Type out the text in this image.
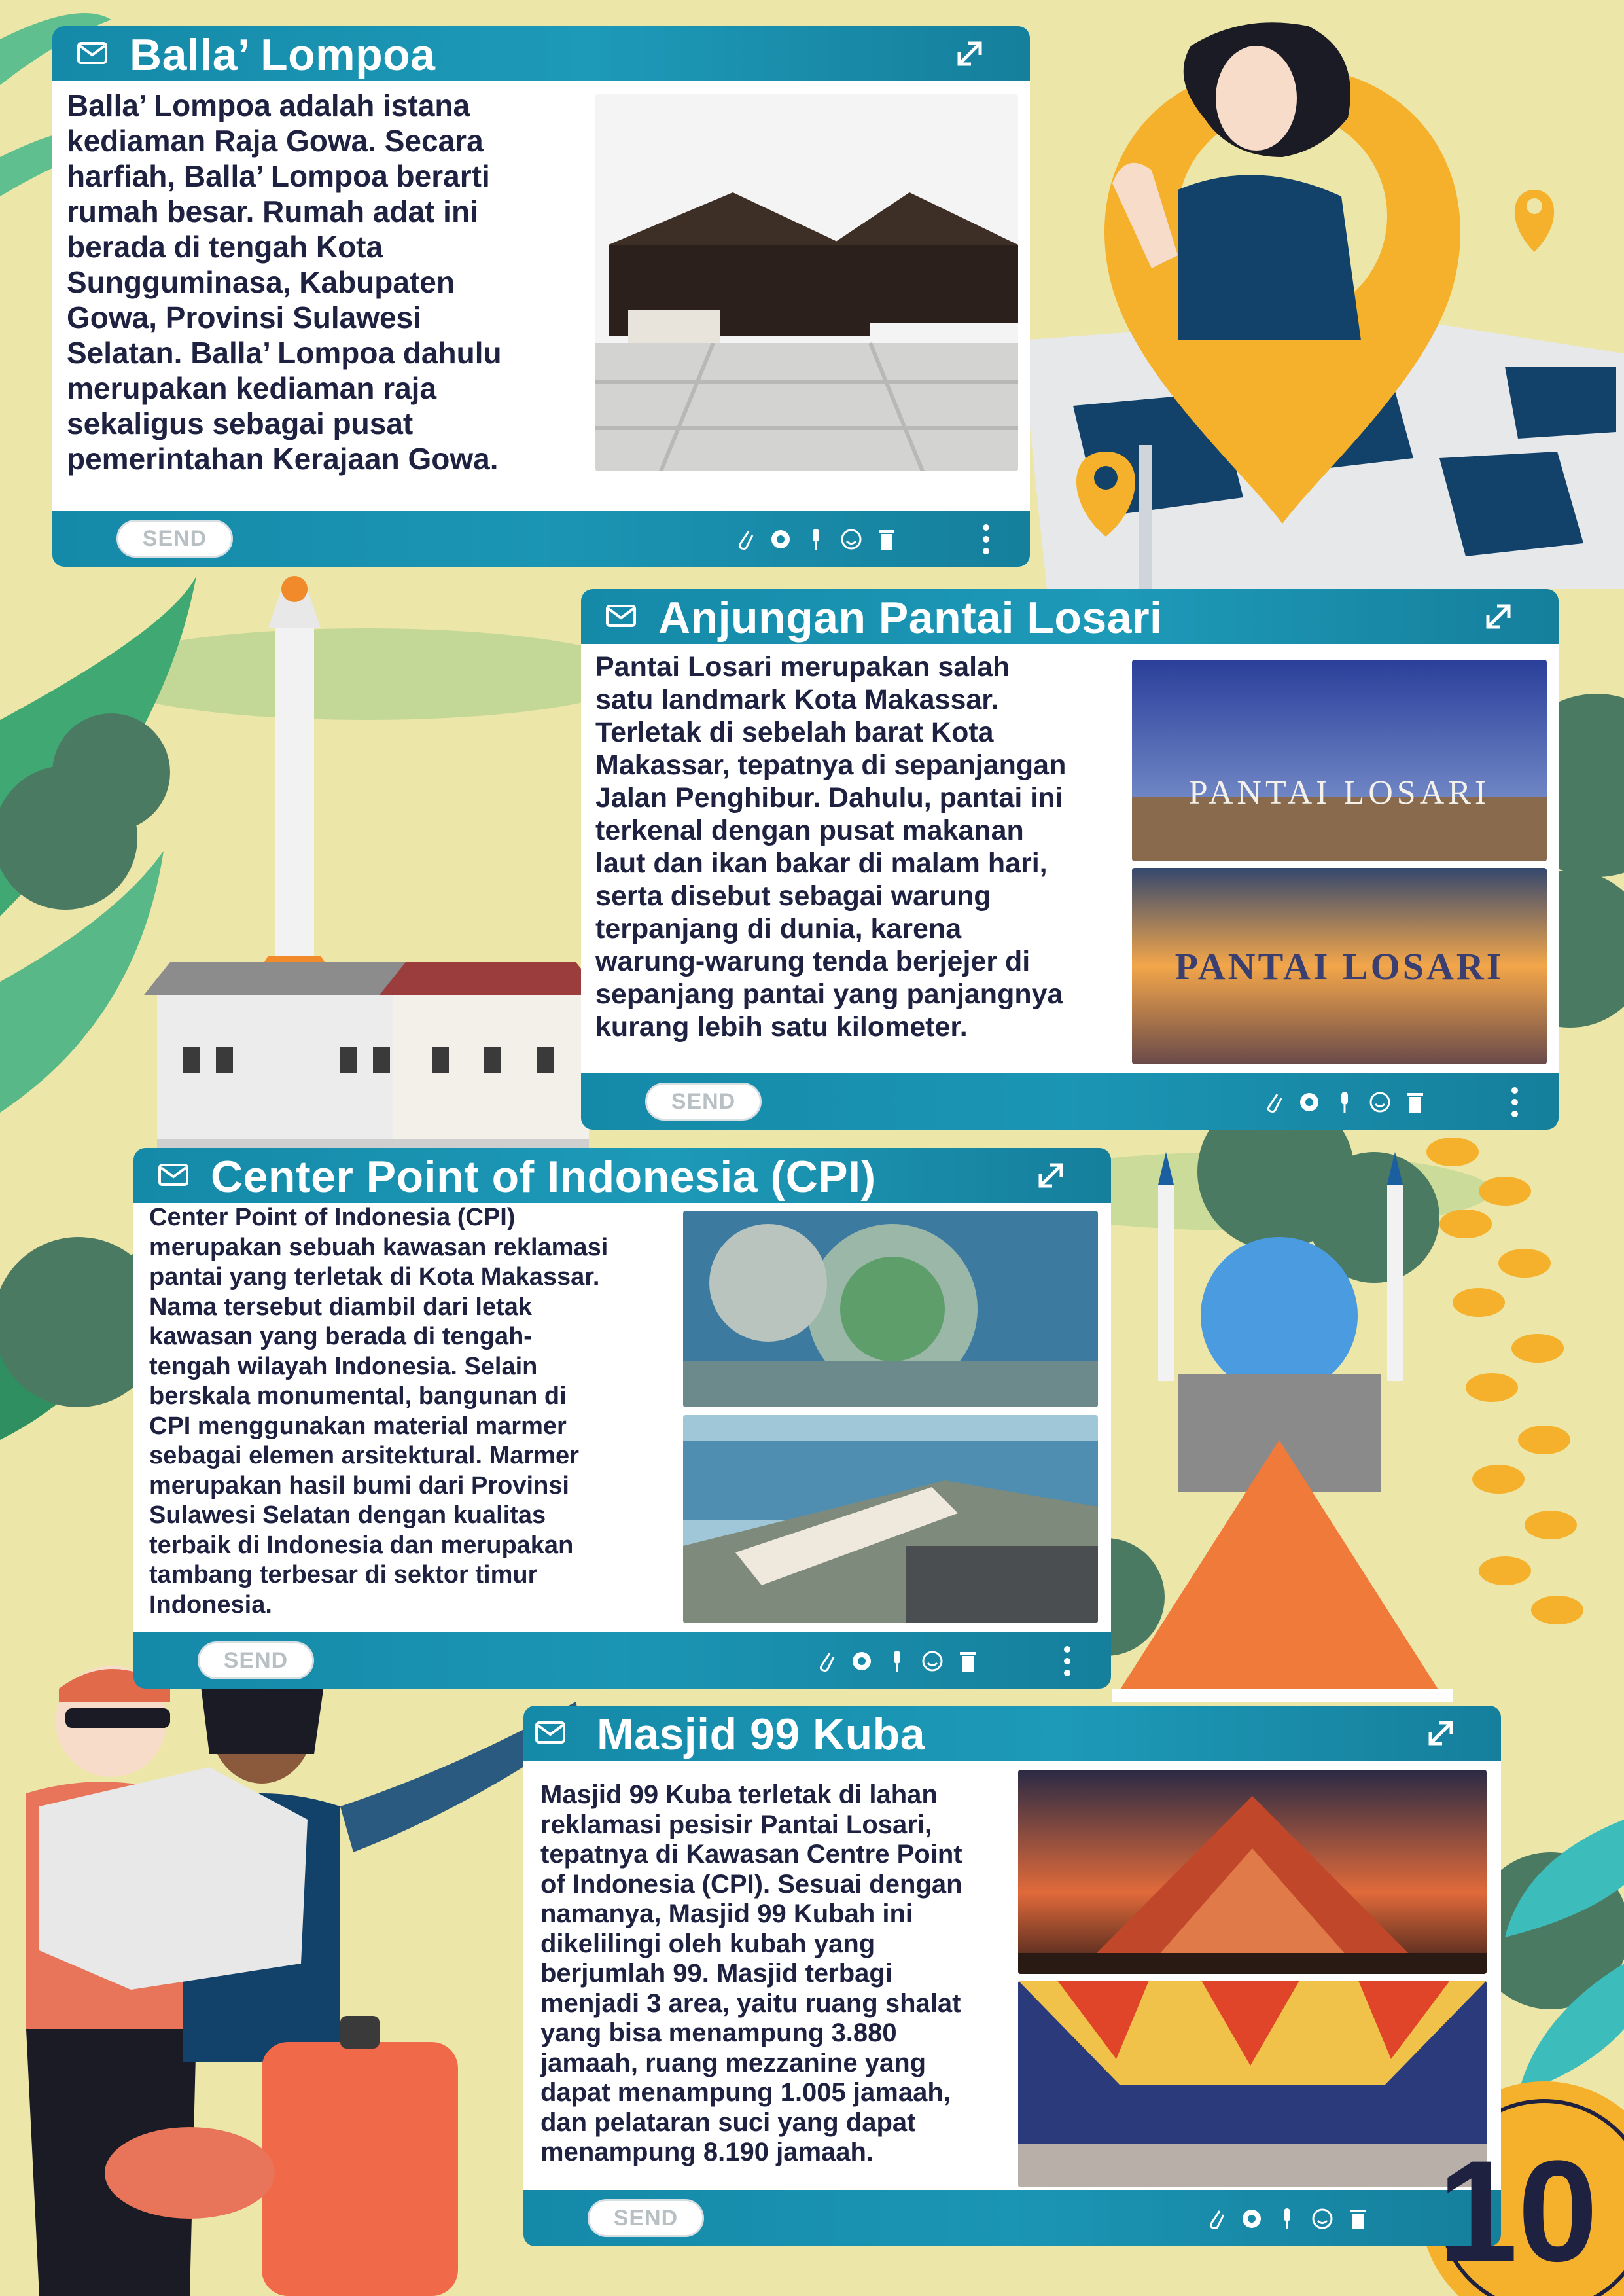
Balla’ Lompoa

Balla’ Lompoa adalah istana
kediaman Raja Gowa. Secara
harfiah, Balla’ Lompoa berarti
rumah besar. Rumah adat ini
berada di tengah Kota
Sungguminasa, Kabupaten
Gowa, Provinsi Sulawesi
Selatan. Balla’ Lompoa dahulu
merupakan kediaman raja
sekaligus sebagai pusat
pemerintahan Kerajaan Gowa.

SEND
Anjungan Pantai Losari

Pantai Losari merupakan salah
satu landmark Kota Makassar.
Terletak di sebelah barat Kota
Makassar, tepatnya di sepanjangan
Jalan Penghibur. Dahulu, pantai ini
terkenal dengan pusat makanan
laut dan ikan bakar di malam hari,
serta disebut sebagai warung
terpanjang di dunia, karena
warung-warung tenda berjejer di
sepanjang pantai yang panjangnya
kurang lebih satu kilometer.

PANTAI LOSARI
PANTAI LOSARI
SEND
Center Point of Indonesia (CPI)

Center Point of Indonesia (CPI)
merupakan sebuah kawasan reklamasi
pantai yang terletak di Kota Makassar.
Nama tersebut diambil dari letak
kawasan yang berada di tengah-
tengah wilayah Indonesia. Selain
berskala monumental, bangunan di
CPI menggunakan material marmer
sebagai elemen arsitektural. Marmer
merupakan hasil bumi dari Provinsi
Sulawesi Selatan dengan kualitas
terbaik di Indonesia dan merupakan
tambang terbesar di sektor timur
Indonesia.

SEND
Masjid 99 Kuba

Masjid 99 Kuba terletak di lahan
reklamasi pesisir Pantai Losari,
tepatnya di Kawasan Centre Point
of Indonesia (CPI). Sesuai dengan
namanya, Masjid 99 Kubah ini
dikelilingi oleh kubah yang
berjumlah 99. Masjid terbagi
menjadi 3 area, yaitu ruang shalat
yang bisa menampung 3.880
jamaah, ruang mezzanine yang
dapat menampung 1.005 jamaah,
dan pelataran suci yang dapat
menampung 8.190 jamaah.

SEND	10
